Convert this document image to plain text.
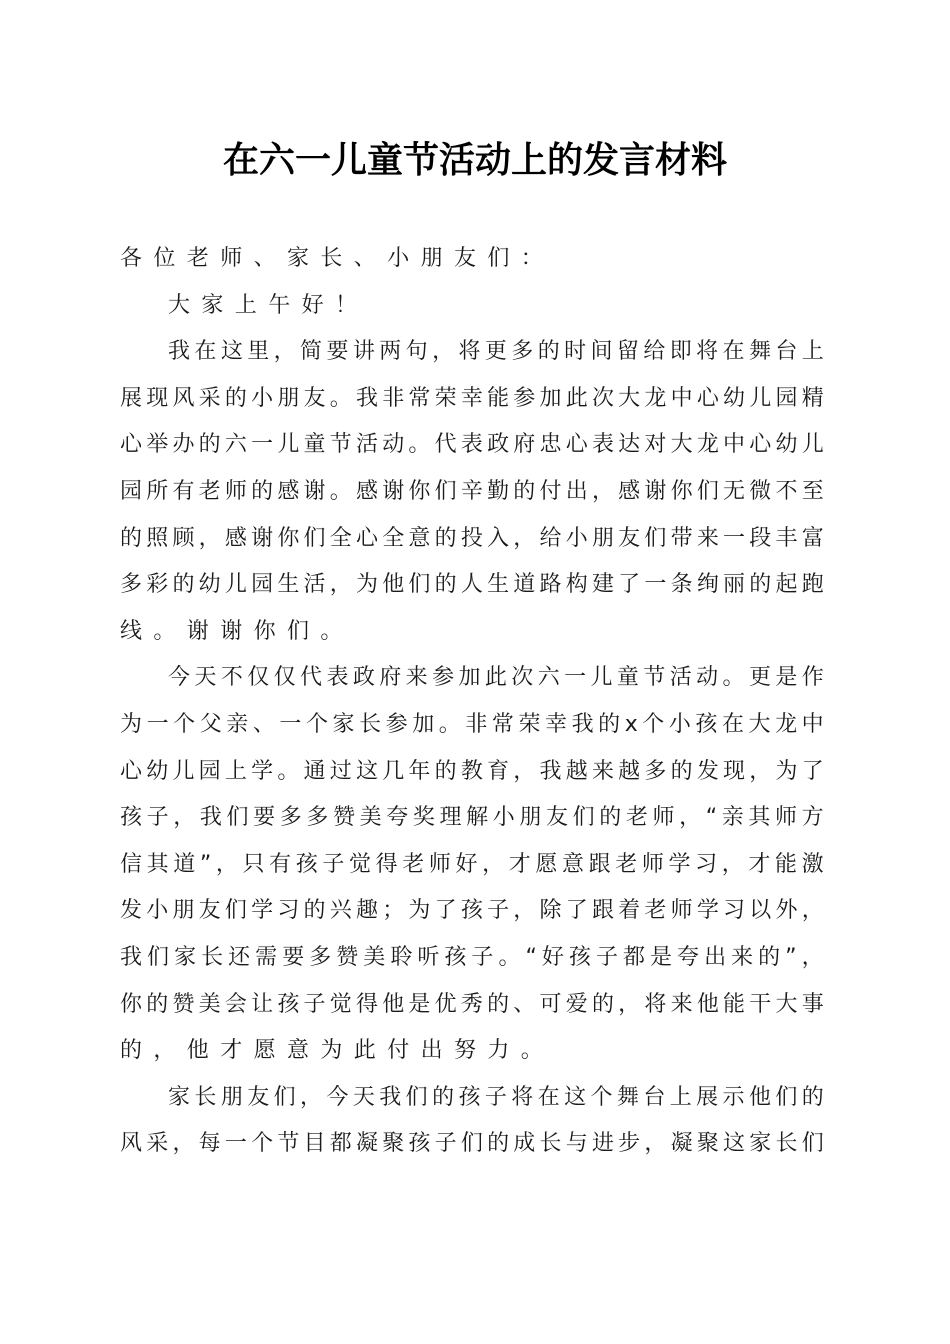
在六一儿童节活动上的发言材料
各位老师、家长、小朋友们：
大家上午好！
我 在 这 里 ， 简 要 讲 两 句 ， 将 更 多 的 时 间 留 给 即 将 在 舞 台 上
展 现 风 采 的 小 朋 友 。 我 非 常 荣 幸 能 参 加 此 次 大 龙 中 心 幼 儿 园 精
心 举 办 的 六 一 儿 童 节 活 动 。 代 表 政 府 忠 心 表 达 对 大 龙 中 心 幼 儿
园 所 有 老 师 的 感 谢 。 感 谢 你 们 辛 勤 的 付 出 ， 感 谢 你 们 无 微 不 至
的 照 顾 ， 感 谢 你 们 全 心 全 意 的 投 入 ， 给 小 朋 友 们 带 来 一 段 丰 富
多 彩 的 幼 儿 园 生 活 ， 为 他 们 的 人 生 道 路 构 建 了 一 条 绚 丽 的 起 跑
线。谢谢你们。
今 天 不 仅 仅 代 表 政 府 来 参 加 此 次 六 一 儿 童 节 活 动 。 更 是 作
为 一 个 父 亲 、 一 个 家 长 参 加 。 非 常 荣 幸 我 的 x 个 小 孩 在 大 龙 中
心 幼 儿 园 上 学 。 通 过 这 几 年 的 教 育 ， 我 越 来 越 多 的 发 现 ， 为 了
孩 子 ， 我 们 要 多 多 赞 美 夸 奖 理 解 小 朋 友 们 的 老 师 ， “ 亲 其 师 方
信 其 道 ” ， 只 有 孩 子 觉 得 老 师 好 ， 才 愿 意 跟 老 师 学 习 ， 才 能 激
发 小 朋 友 们 学 习 的 兴 趣 ； 为 了 孩 子 ， 除 了 跟 着 老 师 学 习 以 外 ，
我 们 家 长 还 需 要 多 赞 美 聆 听 孩 子 。 “ 好 孩 子 都 是 夸 出 来 的 ” ，
你 的 赞 美 会 让 孩 子 觉 得 他 是 优 秀 的 、 可 爱 的 ， 将 来 他 能 干 大 事
的，他才愿意为此付出努力。
家 长 朋 友 们 ， 今 天 我 们 的 孩 子 将 在 这 个 舞 台 上 展 示 他 们 的
风 采 ， 每 一 个 节 目 都 凝 聚 孩 子 们 的 成 长 与 进 步 ， 凝 聚 这 家 长 们
